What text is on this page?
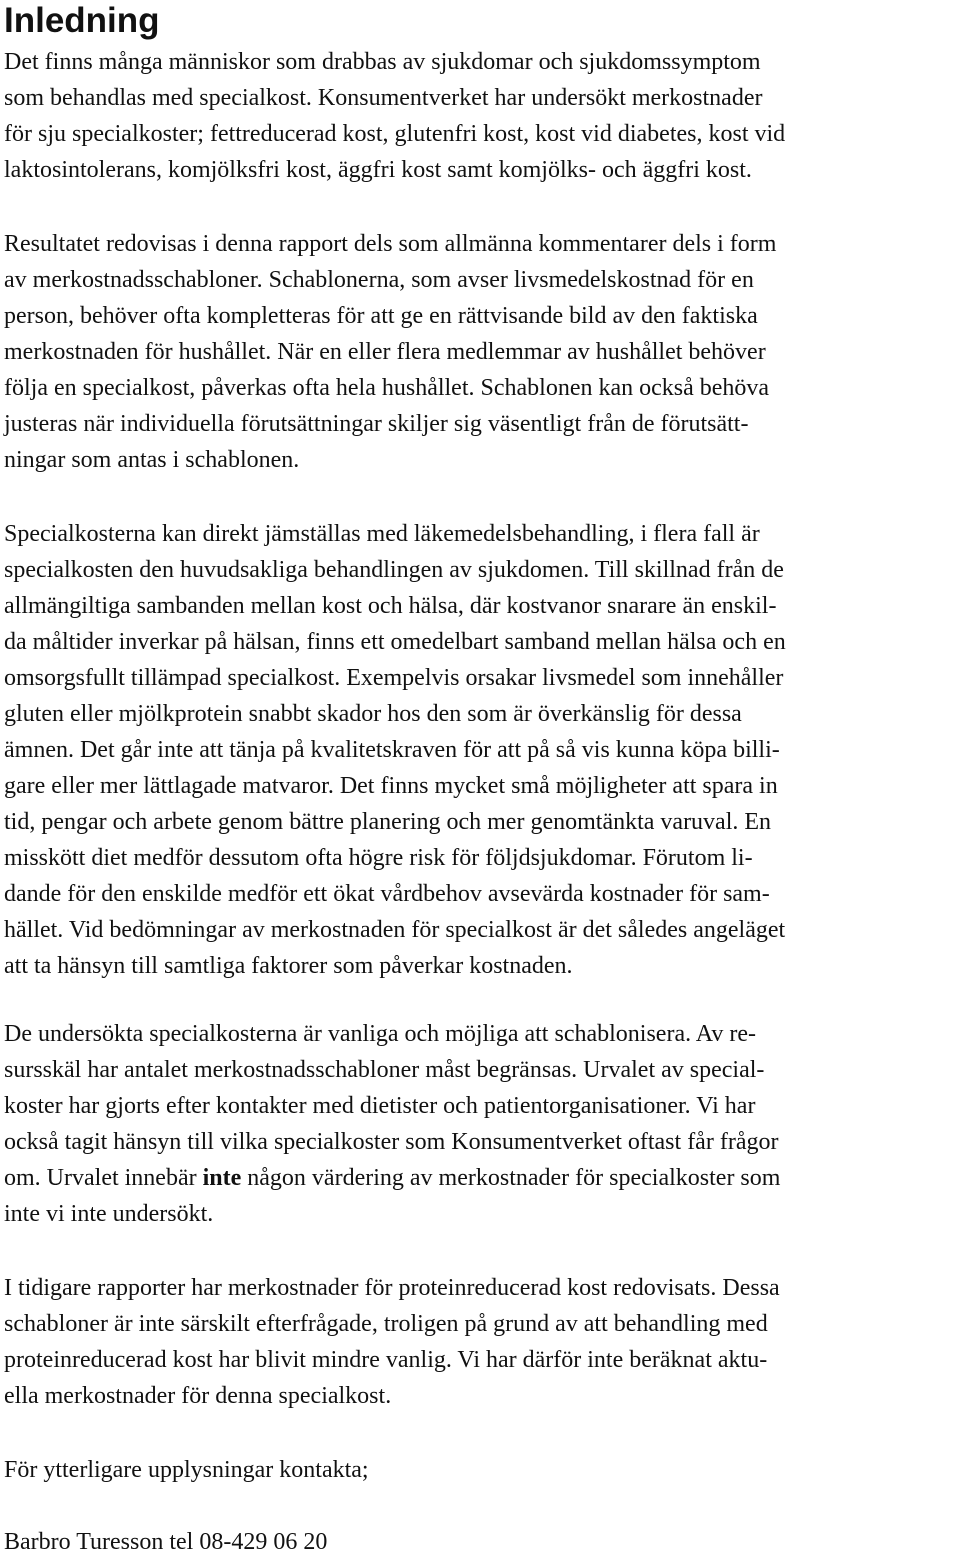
Inledning

Det finns många människor som drabbas av sjukdomar och sjukdomssymptom
som behandlas med specialkost. Konsumentverket har undersökt merkostnader
för sju specialkoster; fettreducerad kost, glutenfri kost, kost vid diabetes, kost vid
laktosintolerans, komjölksfri kost, äggfri kost samt komjölks- och äggfri kost.

Resultatet redovisas i denna rapport dels som allmänna kommentarer dels i form
av merkostnadsschabloner. Schablonerna, som avser livsmedelskostnad för en
person, behöver ofta kompletteras för att ge en rättvisande bild av den faktiska
merkostnaden för hushållet. När en eller flera medlemmar av hushållet behöver
följa en specialkost, påverkas ofta hela hushållet. Schablonen kan också behöva
justeras när individuella förutsättningar skiljer sig väsentligt från de förutsätt-
ningar som antas i schablonen.

Specialkosterna kan direkt jämställas med läkemedelsbehandling, i flera fall är
specialkosten den huvudsakliga behandlingen av sjukdomen. Till skillnad från de
allmängiltiga sambanden mellan kost och hälsa, där kostvanor snarare än enskil-
da måltider inverkar på hälsan, finns ett omedelbart samband mellan hälsa och en
omsorgsfullt tillämpad specialkost. Exempelvis orsakar livsmedel som innehåller
gluten eller mjölkprotein snabbt skador hos den som är överkänslig för dessa
ämnen. Det går inte att tänja på kvalitetskraven för att på så vis kunna köpa billi-
gare eller mer lättlagade matvaror. Det finns mycket små möjligheter att spara in
tid, pengar och arbete genom bättre planering och mer genomtänkta varuval. En
misskött diet medför dessutom ofta högre risk för följdsjukdomar. Förutom li-
dande för den enskilde medför ett ökat vårdbehov avsevärda kostnader för sam-
hället. Vid bedömningar av merkostnaden för specialkost är det således angeläget
att ta hänsyn till samtliga faktorer som påverkar kostnaden.

De undersökta specialkosterna är vanliga och möjliga att schablonisera. Av re-
sursskäl har antalet merkostnadsschabloner måst begränsas. Urvalet av special-
koster har gjorts efter kontakter med dietister och patientorganisationer. Vi har
också tagit hänsyn till vilka specialkoster som Konsumentverket oftast får frågor
om. Urvalet innebär inte någon värdering av merkostnader för specialkoster som
inte vi inte undersökt.

I tidigare rapporter har merkostnader för proteinreducerad kost redovisats. Dessa
schabloner är inte särskilt efterfrågade, troligen på grund av att behandling med
proteinreducerad kost har blivit mindre vanlig. Vi har därför inte beräknat aktu-
ella merkostnader för denna specialkost.

För ytterligare upplysningar kontakta;

Barbro Turesson tel 08-429 06 20
